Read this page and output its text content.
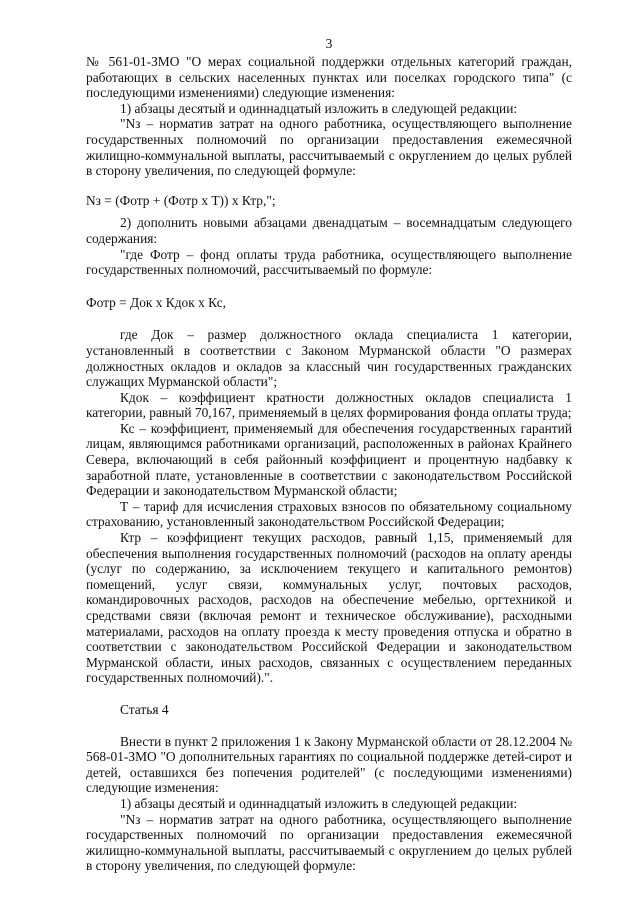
3

№ 561-01-ЗМО "О мерах социальной поддержки отдельных категорий граждан, работающих в сельских населенных пунктах или поселках городского типа" (с последующими изменениями) следующие изменения:

1) абзацы десятый и одиннадцатый изложить в следующей редакции:

"Nз – норматив затрат на одного работника, осуществляющего выполнение государственных полномочий по организации предоставления ежемесячной жилищно-коммунальной выплаты, рассчитываемый с округлением до целых рублей в сторону увеличения, по следующей формуле:

Nз = (Фотр + (Фотр х Т)) х Ктр,";

2) дополнить новыми абзацами двенадцатым – восемнадцатым следующего содержания:

"где Фотр – фонд оплаты труда работника, осуществляющего выполнение государственных полномочий, рассчитываемый по формуле:

Фотр = Док х Кдок х Кс,

где Док – размер должностного оклада специалиста 1 категории, установленный в соответствии с Законом Мурманской области "О размерах должностных окладов и окладов за классный чин государственных гражданских служащих Мурманской области";

Кдок – коэффициент кратности должностных окладов специалиста 1 категории, равный 70,167, применяемый в целях формирования фонда оплаты труда;

Кс – коэффициент, применяемый для обеспечения государственных гарантий лицам, являющимся работниками организаций, расположенных в районах Крайнего Севера, включающий в себя районный коэффициент и процентную надбавку к заработной плате, установленные в соответствии с законодательством Российской Федерации и законодательством Мурманской области;

Т – тариф для исчисления страховых взносов по обязательному социальному страхованию, установленный законодательством Российской Федерации;

Ктр – коэффициент текущих расходов, равный 1,15, применяемый для обеспечения выполнения государственных полномочий (расходов на оплату аренды (услуг по содержанию, за исключением текущего и капитального ремонтов) помещений, услуг связи, коммунальных услуг, почтовых расходов, командировочных расходов, расходов на обеспечение мебелью, оргтехникой и средствами связи (включая ремонт и техническое обслуживание), расходными материалами, расходов на оплату проезда к месту проведения отпуска и обратно в соответствии с законодательством Российской Федерации и законодательством Мурманской области, иных расходов, связанных с осуществлением переданных государственных полномочий).".

Статья 4

Внести в пункт 2 приложения 1 к Закону Мурманской области от 28.12.2004 № 568-01-ЗМО "О дополнительных гарантиях по социальной поддержке детей-сирот и детей, оставшихся без попечения родителей" (с последующими изменениями) следующие изменения:

1) абзацы десятый и одиннадцатый изложить в следующей редакции:

"Nз – норматив затрат на одного работника, осуществляющего выполнение государственных полномочий по организации предоставления ежемесячной жилищно-коммунальной выплаты, рассчитываемый с округлением до целых рублей в сторону увеличения, по следующей формуле:
